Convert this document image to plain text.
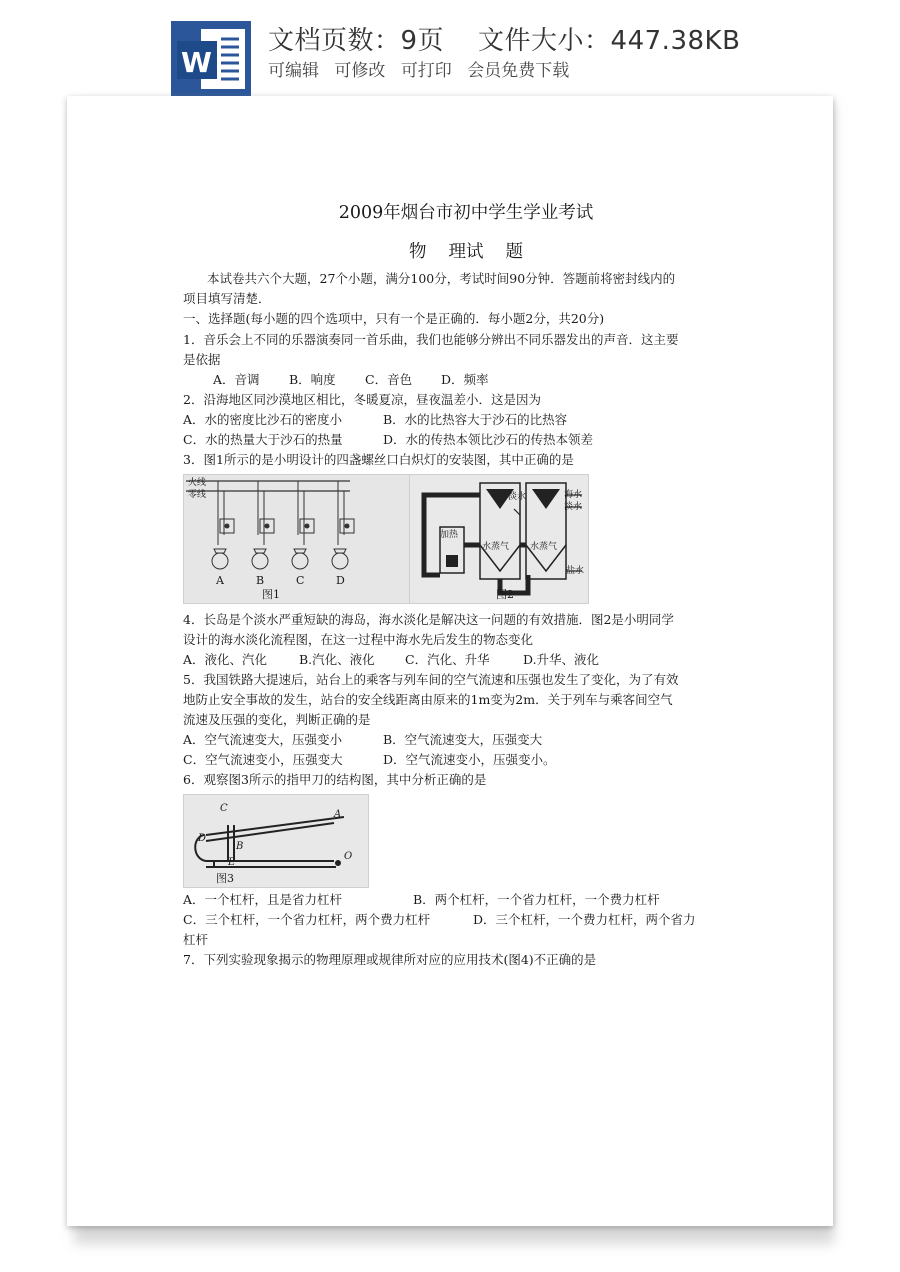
W
文档页数：9页 文件大小：447.38KB
可编辑 可修改 可打印 会员免费下载
2009年烟台市初中学生学业考试
物 理试 题
本试卷共六个大题，27个小题，满分100分，考试时间90分钟．答题前将密封线内的
项目填写清楚．
一、选择题(每小题的四个选项中，只有一个是正确的．每小题2分，共20分)
1．音乐会上不同的乐器演奏同一首乐曲，我们也能够分辨出不同乐器发出的声音．这主要
是依据
A．音调 B．响度 C．音色 D．频率
2．沿海地区同沙漠地区相比，冬暖夏凉，昼夜温差小．这是因为
A．水的密度比沙石的密度小	B．水的比热容大于沙石的比热容
C．水的热量大于沙石的热量	D．水的传热本领比沙石的传热本领差
3．图1所示的是小明设计的四盏螺丝口白炽灯的安装图，其中正确的是
火线
零线
A	B	C	D
图1
淡水	海水
淡水
加热
水蒸气 水蒸气
盐水
图2
4．长岛是个淡水严重短缺的海岛，海水淡化是解决这一问题的有效措施．图2是小明同学
设计的海水淡化流程图，在这一过程中海水先后发生的物态变化
A．液化、汽化	B.汽化、液化 C．汽化、升华	D.升华、液化
5．我国铁路大提速后，站台上的乘客与列车间的空气流速和压强也发生了变化，为了有效
地防止安全事故的发生，站台的安全线距离由原来的1m变为2m．关于列车与乘客间空气
流速及压强的变化，判断正确的是
A．空气流速变大，压强变小	B．空气流速变大，压强变大
C．空气流速变小，压强变大	D．空气流速变小，压强变小。
6．观察图3所示的指甲刀的结构图，其中分析正确的是
C
A
D
B
E
O
图3
A．一个杠杆，且是省力杠杆	B．两个杠杆，一个省力杠杆，一个费力杠杆
C．三个杠杆，一个省力杠杆，两个费力杠杆	D．三个杠杆，一个费力杠杆，两个省力
杠杆
7．下列实验现象揭示的物理原理或规律所对应的应用技术(图4)不正确的是
